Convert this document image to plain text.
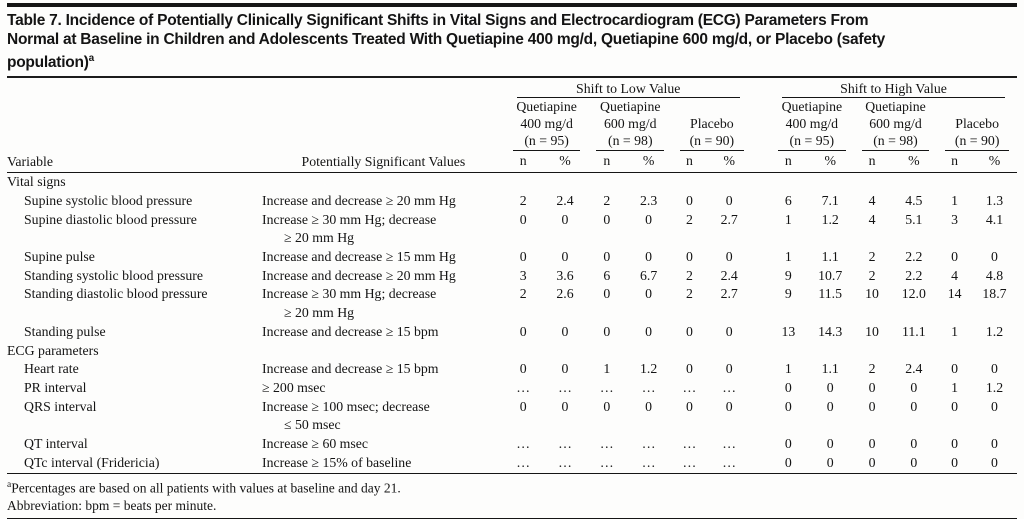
Table 7. Incidence of Potentially Clinically Significant Shifts in Vital Signs and Electrocardiogram (ECG) Parameters From
Normal at Baseline in Children and Adolescents Treated With Quetiapine 400 mg/d, Quetiapine 600 mg/d, or Placebo (safety
population)$^a$
Variable	Potentially Significant Values	Shift to Low Value							Shift to High Value					

		Quetiapine
400 mg/d
(n = 95)		Quetiapine
600 mg/d
(n = 98)		Placebo
(n = 90)			Quetiapine
400 mg/d
(n = 95)		Quetiapine
600 mg/d
(n = 98)		Placebo
(n = 90)	

		n	%	n	%	n	%		n	%	n	%	n	%
Vital signs														
Supine systolic blood pressure	Increase and decrease ≥ 20 mm Hg	2	2.4	2	2.3	0	0		6	7.1	4	4.5	1	1.3
Supine diastolic blood pressure	Increase ≥ 30 mm Hg; decrease
≥ 20 mm Hg	0	0	0	0	2	2.7		1	1.2	4	5.1	3	4.1
Supine pulse	Increase and decrease ≥ 15 mm Hg	0	0	0	0	0	0		1	1.1	2	2.2	0	0
Standing systolic blood pressure	Increase and decrease ≥ 20 mm Hg	3	3.6	6	6.7	2	2.4		9	10.7	2	2.2	4	4.8
Standing diastolic blood pressure	Increase ≥ 30 mm Hg; decrease
≥ 20 mm Hg	2	2.6	0	0	2	2.7		9	11.5	10	12.0	14	18.7
Standing pulse	Increase and decrease ≥ 15 bpm	0	0	0	0	0	0		13	14.3	10	11.1	1	1.2
ECG parameters														
Heart rate	Increase and decrease ≥ 15 bpm	0	0	1	1.2	0	0		1	1.1	2	2.4	0	0
PR interval	≥ 200 msec	…	…	…	…	…	…		0	0	0	0	1	1.2
QRS interval	Increase ≥ 100 msec; decrease
≤ 50 msec	0	0	0	0	0	0		0	0	0	0	0	0
QT interval	Increase ≥ 60 msec	…	…	…	…	…	…		0	0	0	0	0	0
QTc interval (Fridericia)	Increase ≥ 15% of baseline	…	…	…	…	…	…		0	0	0	0	0	0
$^a$Percentages are based on all patients with values at baseline and day 21.
Abbreviation: bpm = beats per minute.
